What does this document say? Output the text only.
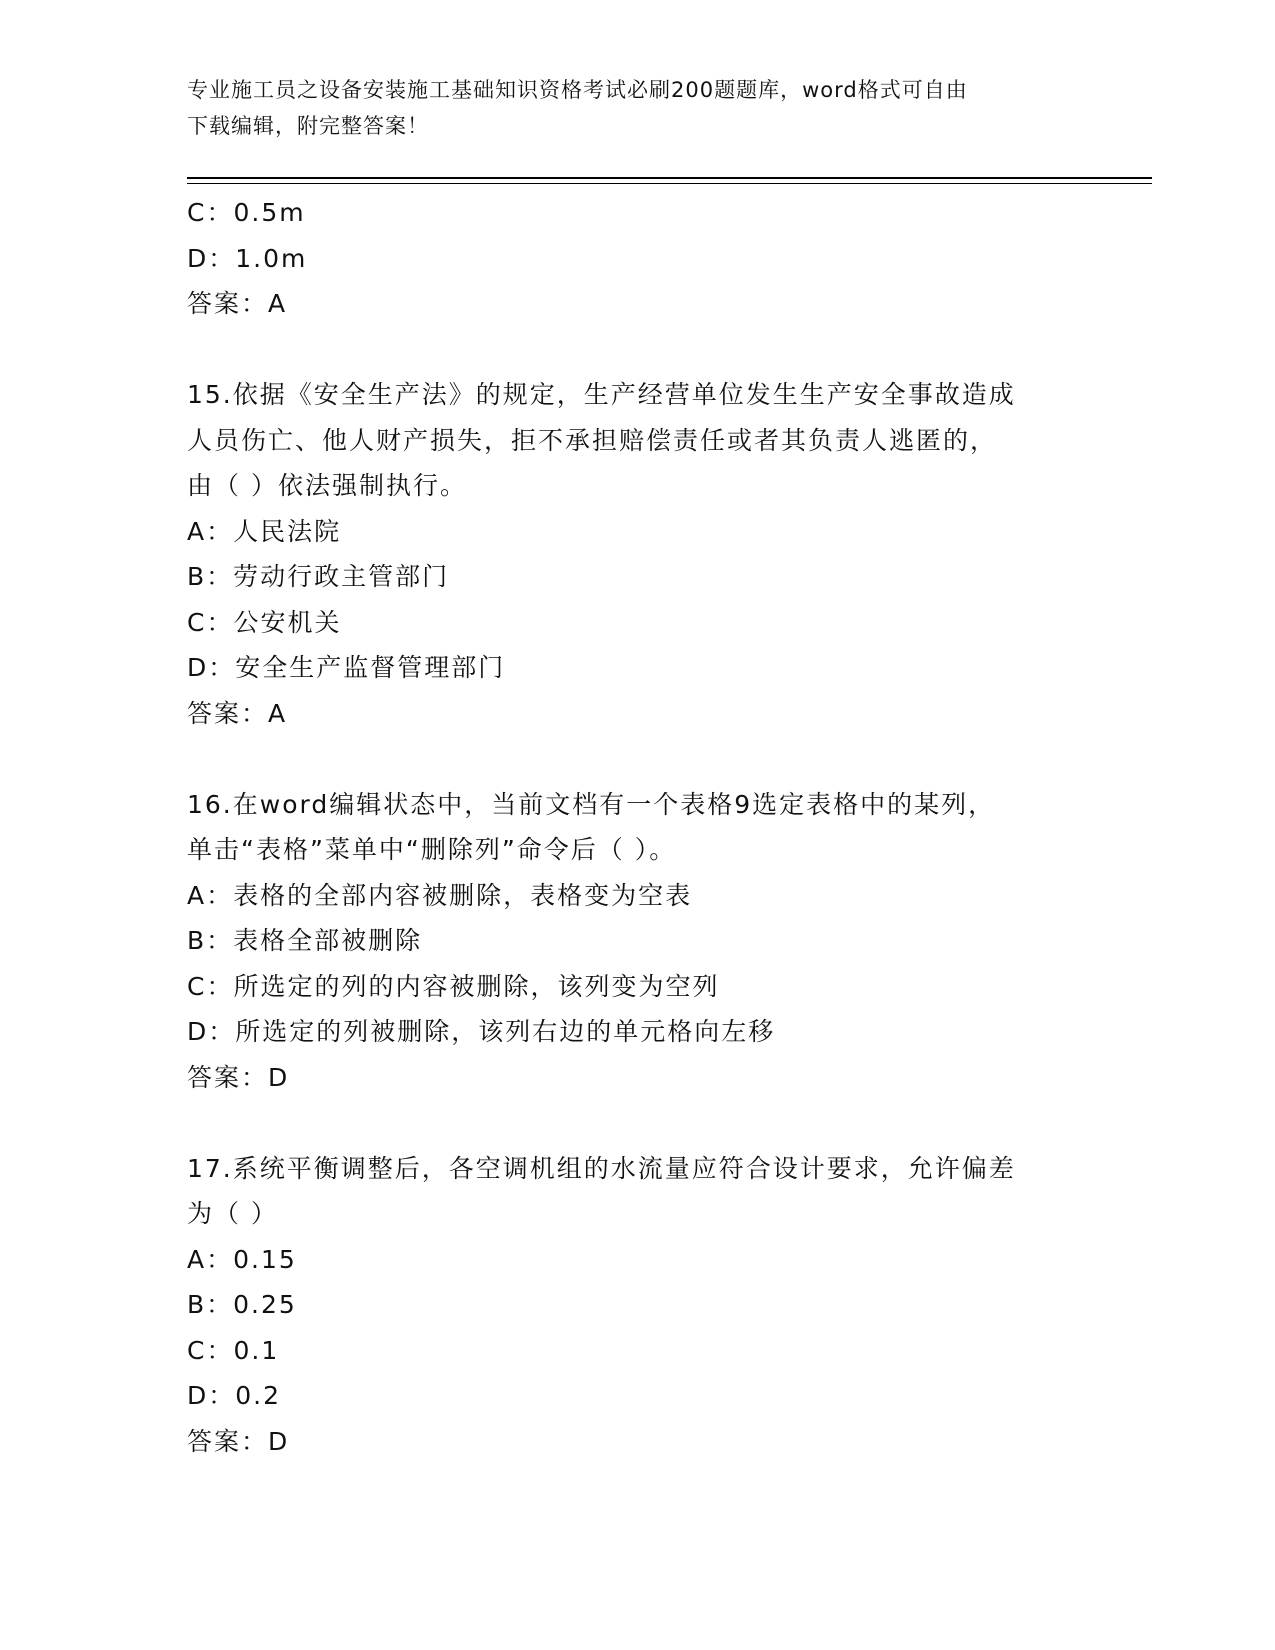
专业施工员之设备安装施工基础知识资格考试必刷200题题库，word格式可自由
下载编辑，附完整答案！
C：0.5m
D：1.0m
答案：A
15.依据《安全生产法》的规定，生产经营单位发生生产安全事故造成
人员伤亡、他人财产损失，拒不承担赔偿责任或者其负责人逃匿的，
由（ ）依法强制执行。
A：人民法院
B：劳动行政主管部门
C：公安机关
D：安全生产监督管理部门
答案：A
16.在word编辑状态中，当前文档有一个表格9选定表格中的某列，
单击“表格”菜单中“删除列”命令后（ ）。
A：表格的全部内容被删除，表格变为空表
B：表格全部被删除
C：所选定的列的内容被删除，该列变为空列
D：所选定的列被删除，该列右边的单元格向左移
答案：D
17.系统平衡调整后，各空调机组的水流量应符合设计要求，允许偏差
为（ ）
A：0.15
B：0.25
C：0.1
D：0.2
答案：D
